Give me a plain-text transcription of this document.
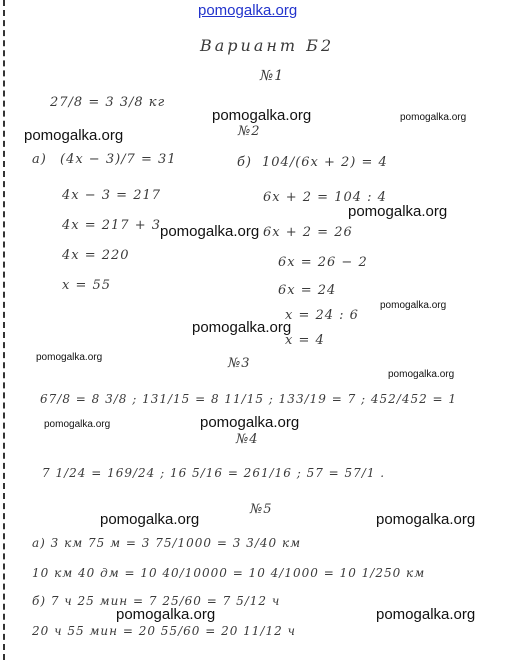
pomogalka.org
Вариант Б2
№1
27/8 = 3 3/8 кг
а) (4x − 3)/7 = 31
4x − 3 = 217
4x = 217 + 3
4x = 220
x = 55
№2
б) 104/(6x + 2) = 4
6x + 2 = 104 : 4
6x + 2 = 26
6x = 26 − 2
6x = 24
x = 24 : 6
x = 4
№3
67/8 = 8 3/8 ; 131/15 = 8 11/15 ; 133/19 = 7 ; 452/452 = 1
№4
7 1/24 = 169/24 ; 16 5/16 = 261/16 ; 57 = 57/1 .
№5
а) 3 км 75 м = 3 75/1000 = 3 3/40 км
10 км 40 дм = 10 40/10000 = 10 4/1000 = 10 1/250 км
б) 7 ч 25 мин = 7 25/60 = 7 5/12 ч
20 ч 55 мин = 20 55/60 = 20 11/12 ч
pomogalka.org	pomogalka.org
pomogalka.org
pomogalka.org
pomogalka.org
pomogalka.org
pomogalka.org
pomogalka.org
pomogalka.org
pomogalka.org	pomogalka.org
pomogalka.org	pomogalka.org
pomogalka.org	pomogalka.org
